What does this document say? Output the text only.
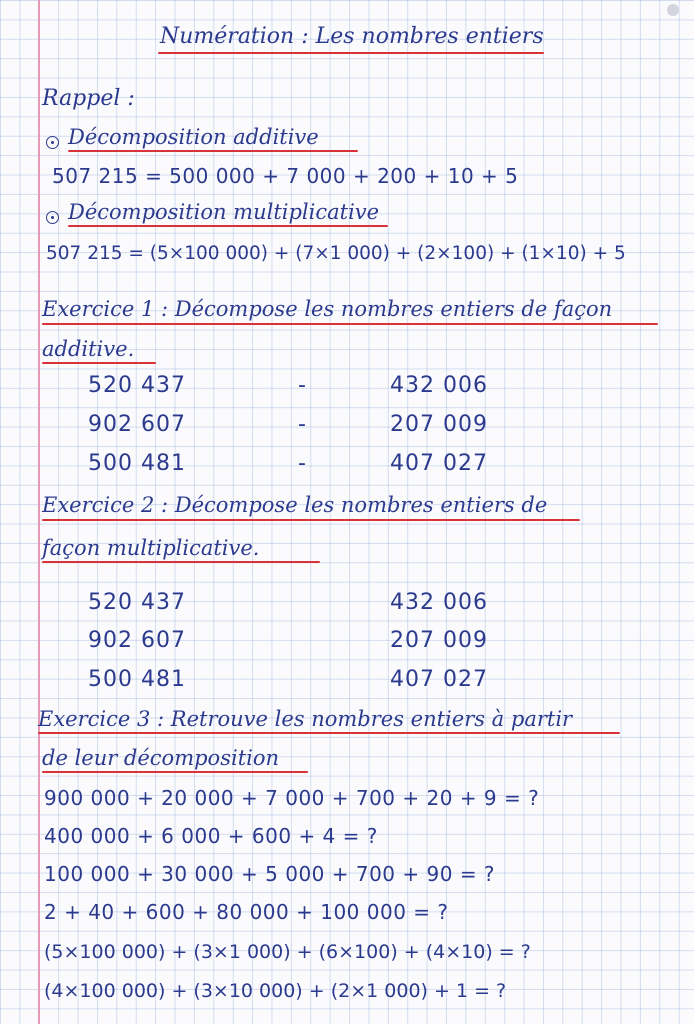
Numération : Les nombres entiers
Rappel :
Décomposition additive
507 215 = 500 000 + 7 000 + 200 + 10 + 5
Décomposition multiplicative
507 215 = (5×100 000) + (7×1 000) + (2×100) + (1×10) + 5
Exercice 1 : Décompose les nombres entiers de façon
additive.
520 437	-	432 006
902 607	-	207 009
500 481	-	407 027
Exercice 2 : Décompose les nombres entiers de
façon multiplicative.
520 437	432 006
902 607	207 009
500 481	407 027
Exercice 3 : Retrouve les nombres entiers à partir
de leur décomposition
900 000 + 20 000 + 7 000 + 700 + 20 + 9 = ?
400 000 + 6 000 + 600 + 4 = ?
100 000 + 30 000 + 5 000 + 700 + 90 = ?
2 + 40 + 600 + 80 000 + 100 000 = ?
(5×100 000) + (3×1 000) + (6×100) + (4×10) = ?
(4×100 000) + (3×10 000) + (2×1 000) + 1 = ?
